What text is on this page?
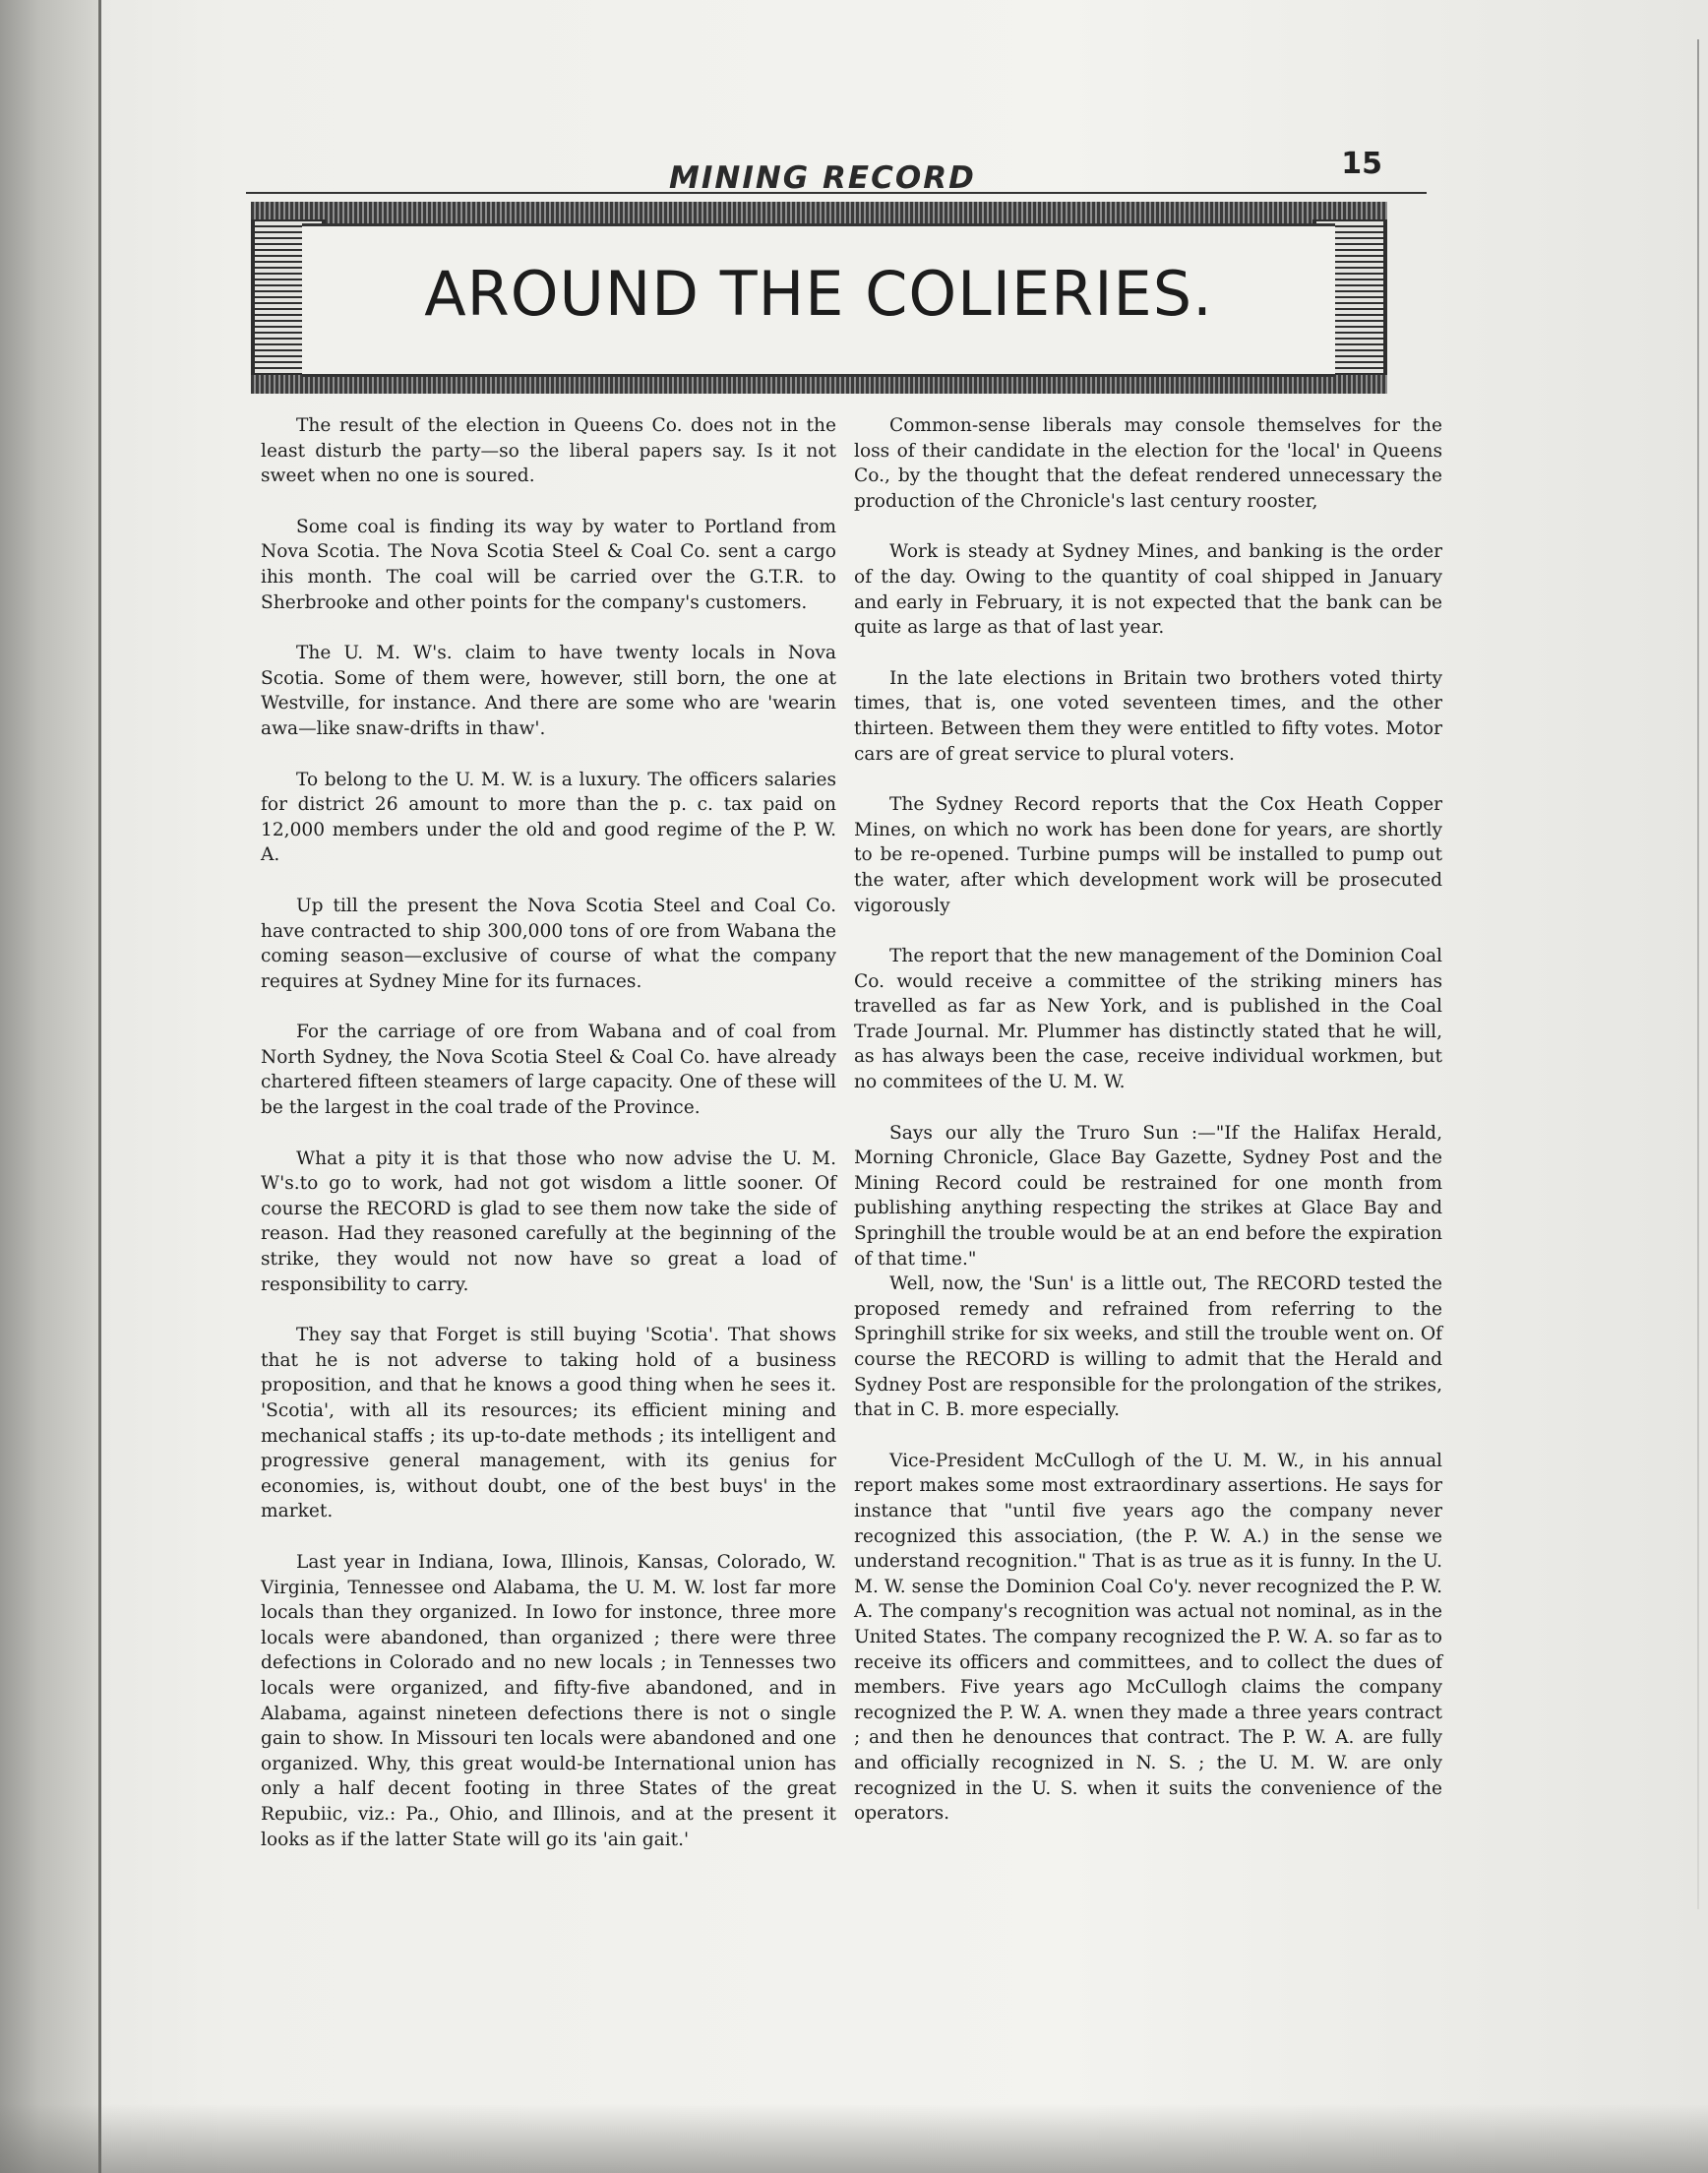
MINING RECORD	15
AROUND THE COLIERIES.

The result of the election in Queens Co. does not in the least disturb the party—so the liberal papers say. Is it not sweet when no one is soured.

Some coal is finding its way by water to Portland from Nova Scotia. The Nova Scotia Steel & Coal Co. sent a cargo ihis month. The coal will be carried over the G.T.R. to Sherbrooke and other points for the company's customers.

The U. M. W's. claim to have twenty locals in Nova Scotia. Some of them were, however, still born, the one at Westville, for instance. And there are some who are 'wearin awa—like snaw-drifts in thaw'.

To belong to the U. M. W. is a luxury. The officers salaries for district 26 amount to more than the p. c. tax paid on 12,000 members under the old and good regime of the P. W. A.

Up till the present the Nova Scotia Steel and Coal Co. have contracted to ship 300,000 tons of ore from Wabana the coming season—exclusive of course of what the company requires at Sydney Mine for its furnaces.

For the carriage of ore from Wabana and of coal from North Sydney, the Nova Scotia Steel & Coal Co. have already chartered fifteen steamers of large capacity. One of these will be the largest in the coal trade of the Province.

What a pity it is that those who now advise the U. M. W's.to go to work, had not got wisdom a little sooner. Of course the RECORD is glad to see them now take the side of reason. Had they reasoned carefully at the beginning of the strike, they would not now have so great a load of responsibility to carry.

They say that Forget is still buying 'Scotia'. That shows that he is not adverse to taking hold of a business proposition, and that he knows a good thing when he sees it. 'Scotia', with all its resources; its efficient mining and mechanical staffs ; its up-to-date methods ; its intelligent and progressive general management, with its genius for economies, is, without doubt, one of the best buys' in the market.

Last year in Indiana, Iowa, Illinois, Kansas, Colorado, W. Virginia, Tennessee ond Alabama, the U. M. W. lost far more locals than they organized. In Iowo for instonce, three more locals were abandoned, than organized ; there were three defections in Colorado and no new locals ; in Tennesses two locals were organized, and fifty-five abandoned, and in Alabama, against nineteen defections there is not o single gain to show. In Missouri ten locals were abandoned and one organized. Why, this great would-be International union has only a half decent footing in three States of the great Repubiic, viz.: Pa., Ohio, and Illinois, and at the present it looks as if the latter State will go its 'ain gait.'

Common-sense liberals may console themselves for the loss of their candidate in the election for the 'local' in Queens Co., by the thought that the defeat rendered unnecessary the production of the Chronicle's last century rooster,

Work is steady at Sydney Mines, and banking is the order of the day. Owing to the quantity of coal shipped in January and early in February, it is not expected that the bank can be quite as large as that of last year.

In the late elections in Britain two brothers voted thirty times, that is, one voted seventeen times, and the other thirteen. Between them they were entitled to fifty votes. Motor cars are of great service to plural voters.

The Sydney Record reports that the Cox Heath Copper Mines, on which no work has been done for years, are shortly to be re-opened. Turbine pumps will be installed to pump out the water, after which development work will be prosecuted vigorously

The report that the new management of the Dominion Coal Co. would receive a committee of the striking miners has travelled as far as New York, and is published in the Coal Trade Journal. Mr. Plummer has distinctly stated that he will, as has always been the case, receive individual workmen, but no commitees of the U. M. W.

Says our ally the Truro Sun :—"If the Halifax Herald, Morning Chronicle, Glace Bay Gazette, Sydney Post and the Mining Record could be restrained for one month from publishing anything respecting the strikes at Glace Bay and Springhill the trouble would be at an end before the expiration of that time."

Well, now, the 'Sun' is a little out, The RECORD tested the proposed remedy and refrained from referring to the Springhill strike for six weeks, and still the trouble went on. Of course the RECORD is willing to admit that the Herald and Sydney Post are responsible for the prolongation of the strikes, that in C. B. more especially.

Vice-President McCullogh of the U. M. W., in his annual report makes some most extraordinary assertions. He says for instance that "until five years ago the company never recognized this association, (the P. W. A.) in the sense we understand recognition." That is as true as it is funny. In the U. M. W. sense the Dominion Coal Co'y. never recognized the P. W. A. The company's recognition was actual not nominal, as in the United States. The company recognized the P. W. A. so far as to receive its officers and committees, and to collect the dues of members. Five years ago McCullogh claims the company recognized the P. W. A. wnen they made a three years contract ; and then he denounces that contract. The P. W. A. are fully and officially recognized in N. S. ; the U. M. W. are only recognized in the U. S. when it suits the convenience of the operators.
